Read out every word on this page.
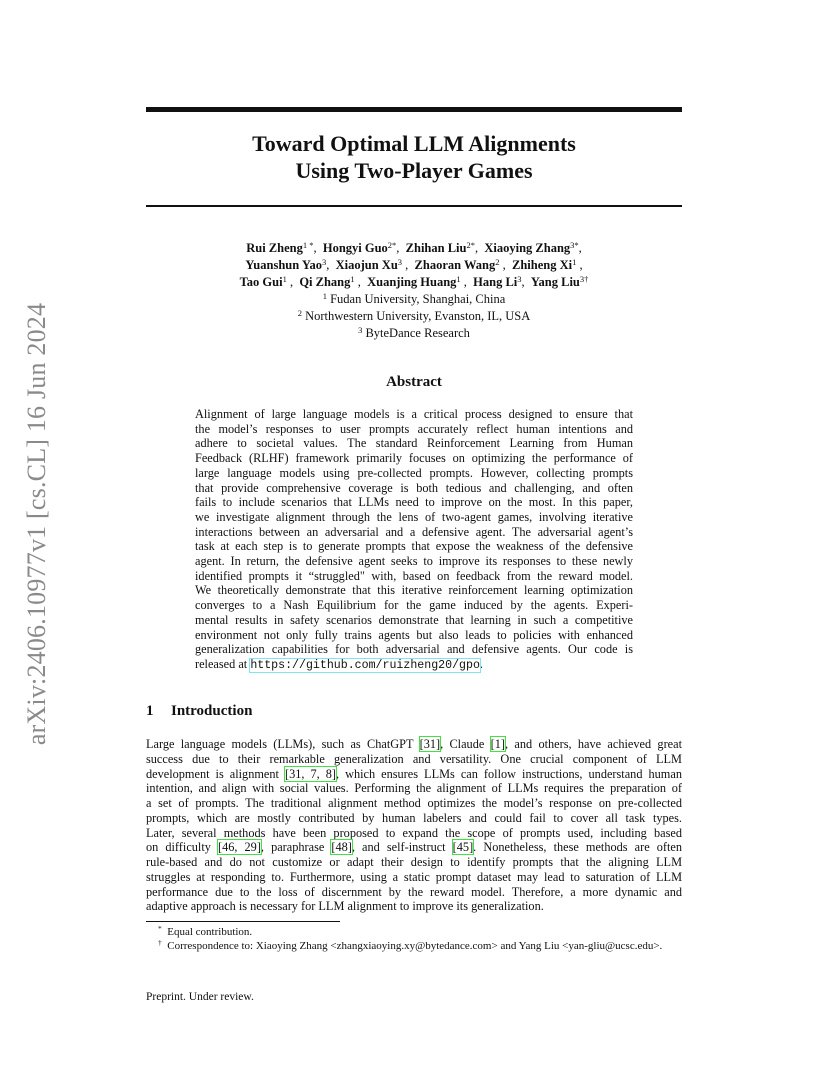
arXiv:2406.10977v1 [cs.CL] 16 Jun 2024
Toward Optimal LLM Alignments
Using Two-Player Games
Rui Zheng$^{1 *}$,  Hongyi Guo$^{2*}$,  Zhihan Liu$^{2*}$,  Xiaoying Zhang$^{3*}$,
Yuanshun Yao$^3$,  Xiaojun Xu$^3$ ,  Zhaoran Wang$^2$ ,  Zhiheng Xi$^1$ ,
Tao Gui$^1$ ,  Qi Zhang$^1$ ,  Xuanjing Huang$^1$ ,  Hang Li$^3$,  Yang Liu$^{3\dagger}$
$^1$ Fudan University, Shanghai, China
$^2$ Northwestern University, Evanston, IL, USA
$^3$ ByteDance Research
Abstract
Alignment of large language models is a critical process designed to ensure that
the model’s responses to user prompts accurately reflect human intentions and
adhere to societal values. The standard Reinforcement Learning from Human
Feedback (RLHF) framework primarily focuses on optimizing the performance of
large language models using pre-collected prompts. However, collecting prompts
that provide comprehensive coverage is both tedious and challenging, and often
fails to include scenarios that LLMs need to improve on the most. In this paper,
we investigate alignment through the lens of two-agent games, involving iterative
interactions between an adversarial and a defensive agent. The adversarial agent’s
task at each step is to generate prompts that expose the weakness of the defensive
agent. In return, the defensive agent seeks to improve its responses to these newly
identified prompts it “struggled" with, based on feedback from the reward model.
We theoretically demonstrate that this iterative reinforcement learning optimization
converges to a Nash Equilibrium for the game induced by the agents. Experi-
mental results in safety scenarios demonstrate that learning in such a competitive
environment not only fully trains agents but also leads to policies with enhanced
generalization capabilities for both adversarial and defensive agents. Our code is
released at https://github.com/ruizheng20/gpo.
1 Introduction
Large language models (LLMs), such as ChatGPT [31], Claude [1], and others, have achieved great
success due to their remarkable generalization and versatility. One crucial component of LLM
development is alignment [31, 7, 8], which ensures LLMs can follow instructions, understand human
intention, and align with social values. Performing the alignment of LLMs requires the preparation of
a set of prompts. The traditional alignment method optimizes the model’s response on pre-collected
prompts, which are mostly contributed by human labelers and could fail to cover all task types.
Later, several methods have been proposed to expand the scope of prompts used, including based
on difficulty [46, 29], paraphrase [48], and self-instruct [45]. Nonetheless, these methods are often
rule-based and do not customize or adapt their design to identify prompts that the aligning LLM
struggles at responding to. Furthermore, using a static prompt dataset may lead to saturation of LLM
performance due to the loss of discernment by the reward model. Therefore, a more dynamic and
adaptive approach is necessary for LLM alignment to improve its generalization.
* Equal contribution.
† Correspondence to: Xiaoying Zhang <zhangxiaoying.xy@bytedance.com> and Yang Liu <yan-gliu@ucsc.edu>.
Preprint. Under review.
